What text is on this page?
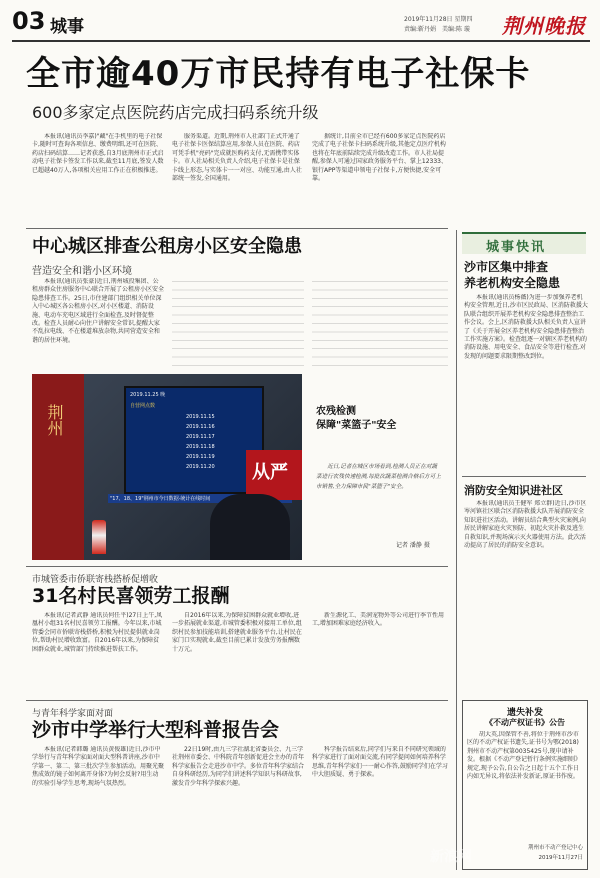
03 城事	2019年11月28日 星期四
责编:靳丹娟　美编:陈 璇 荆州晚报
全市逾40万市民持有电子社保卡
600多家定点医院药店完成扫码系统升级

本报讯(通讯员李嘉)"藏"在手机里的电子社保卡,随时可查询各项信息、缴费明细,还可在医院、药店扫码结算……记者获悉,自3月底荆州市正式启动电子社保卡签发工作以来,截至11月底,签发人数已超越40万人,各项相关应用工作正在积极推进。

服务渠道。近期,荆州市人社部门正式开通了电子社保卡医保结算应用,参保人员在医院、药店可凭手机"亮码"完成就医购药支付,无需携带实体卡。市人社局相关负责人介绍,电子社保卡是社保卡线上形态,与实体卡一一对应、功能互通,由人社部统一签发,全国通用。

据统计,目前全市已经有600多家定点医院药店完成了电子社保卡扫码系统升级,其他定点医疗机构也将在年底前陆续完成升级改造工作。市人社局提醒,参保人可通过国家政务服务平台、掌上12333、银行APP等渠道申领电子社保卡,方便快捷,安全可靠。

中心城区排查公租房小区安全隐患
营造安全和谐小区环境

本报讯(通讯员张豪)近日,荆州城投集团、公租房群众住房服务中心联合开展了公租房小区安全隐患排查工作。25日,市住建部门组织相关单位深入中心城区各公租房小区,对小区楼道、消防设施、电动车充电区域进行全面检查,及时督促整改。检查人员耐心向住户讲解安全常识,提醒大家不乱拉电线、不在楼道堆放杂物,共同营造安全和谐的居住环境。

荆州
2019.11.25 晚
自营网点数
2019.11.15
2019.11.16
2019.11.17
2019.11.18
2019.11.19
2019.11.20
"17、18、19"荆州市今日数据·统计在线时间
从严
农残检测
保障"菜篮子"安全

近日,记者在城区市场看到,检测人员正在对蔬菜进行农残快速检测,每批次蔬菜检测合格后方可上市销售,全力保障市民"菜篮子"安全。

记者 潘静 摄
市城管委市侨联寄栈搭桥促增收
31名村民喜领劳工报酬

本报讯(记者武静 通讯员何任平)27日上午,凤凰村小组31名村民喜领劳工报酬。今年以来,市城管委会同市侨联寄栈搭桥,积极为村民提供就业岗位,帮助村民增收致富。自2016年以来,为保障贫困群众就业,城管部门持续推进帮扶工作。

自2016年以来,为保障贫困群众就业增收,进一步拓展就业渠道,市城管委积极对接用工单位,组织村民参加技能培训,搭建就业服务平台,让村民在家门口实现就业,截至目前已累计发放劳务报酬数十万元。

新生源化工、美润宠物外等公司进行季节性用工,增加困难家庭经济收入。

与青年科学家面对面
沙市中学举行大型科普报告会

本报讯(记者韩璐 通讯员黄俊雄)近日,沙市中学举行与青年科学家面对面大型科普讲座,沙市中学第一、第二、第三批次学生参加活动。用聚光聚焦成效的镜子如何离开身体?为何会反射?用生动的实验引导学生思考,现场气氛热烈。

22日19时,由九三学社湖北省委员会、九三学社荆州市委会、中科院青年创新促进会主办的青年科学家报告会走进沙市中学。多位青年科学家结合自身科研经历,为同学们讲述科学知识与科研故事,激发青少年科学探索兴趣。

科学报告结束后,同学们与来自不同研究领域的科学家进行了面对面交流,有同学提问如何培养科学思维,青年科学家们一一耐心作答,鼓励同学们在学习中大胆质疑、勇于探索。

城事快讯
沙市区集中排查
养老机构安全隐患

本报讯(通讯员杨薇)为进一步加强养老机构安全管理,近日,沙市区民政局、区消防救援大队联合组织开展养老机构安全隐患排查整治工作会议。会上,区消防救援大队相关负责人宣讲了《关于开展全区养老机构安全隐患排查整治工作实施方案》。检查组逐一对辖区养老机构的消防设施、用电安全、食品安全等进行检查,对发现的问题要求限期整改到位。

消防安全知识进社区

本报讯(通讯员王健军 郑立群)近日,沙市区岑河镇社区联合区消防救援大队开展消防安全知识进社区活动。讲解员结合典型火灾案例,向居民讲解家庭火灾预防、初起火灾扑救及逃生自救知识,并现场演示灭火器使用方法。此次活动提高了居民的消防安全意识。

遗失补发
《不动产权证书》公告

胡大英,因保管不善,将位于荆州市沙市区的不动产权证书遗失,证书号为鄂(2018)荆州市不动产权第0035425号,现申请补发。根据《不动产登记暂行条例实施细则》规定,现予公告,自公告之日起十五个工作日内如无异议,将依法补发新证,原证书作废。

荆州市不动产登记中心
2019年11月27日
新浪网
